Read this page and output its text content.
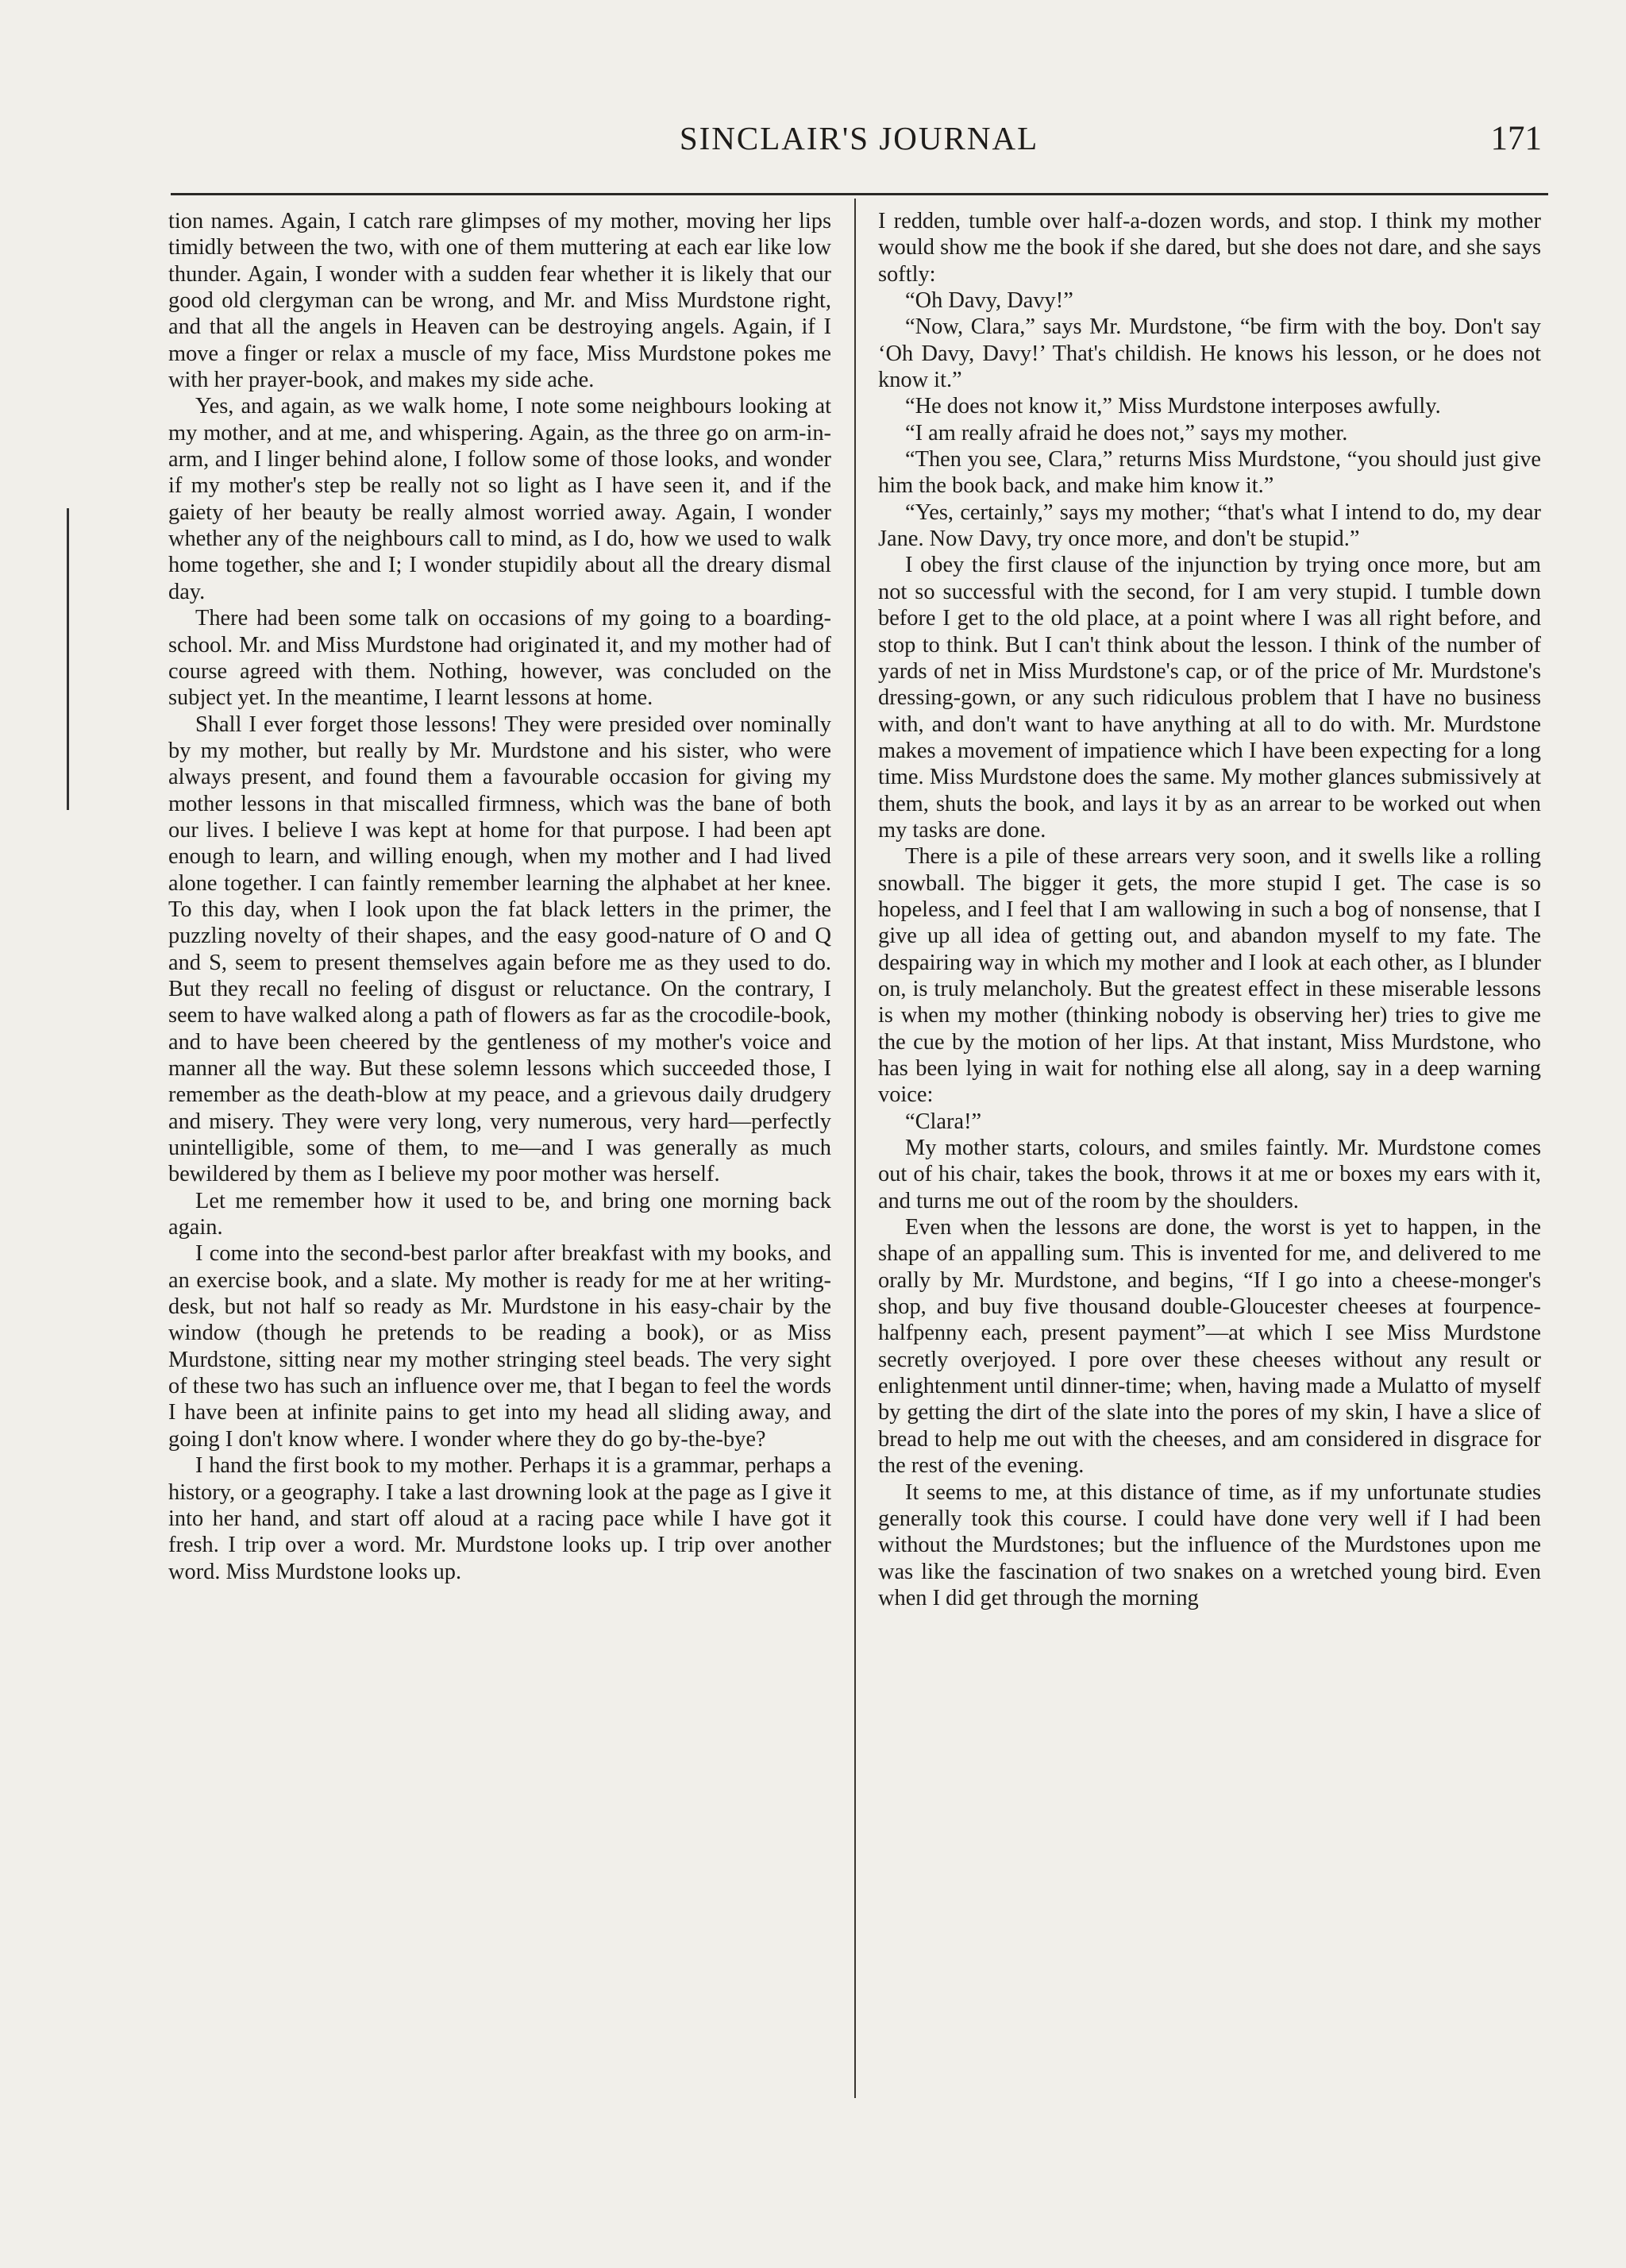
SINCLAIR'S JOURNAL	171

tion names. Again, I catch rare glimpses of my mother, moving her lips timidly between the two, with one of them muttering at each ear like low thunder. Again, I wonder with a sudden fear whether it is likely that our good old clergyman can be wrong, and Mr. and Miss Murdstone right, and that all the angels in Heaven can be destroying angels. Again, if I move a finger or relax a muscle of my face, Miss Murdstone pokes me with her prayer-book, and makes my side ache.

Yes, and again, as we walk home, I note some neighbours looking at my mother, and at me, and whispering. Again, as the three go on arm-in-arm, and I linger behind alone, I follow some of those looks, and wonder if my mother's step be really not so light as I have seen it, and if the gaiety of her beauty be really almost worried away. Again, I wonder whether any of the neighbours call to mind, as I do, how we used to walk home together, she and I; I wonder stupidily about all the dreary dismal day.

There had been some talk on occasions of my going to a boarding-school. Mr. and Miss Murdstone had originated it, and my mother had of course agreed with them. Nothing, however, was concluded on the subject yet. In the meantime, I learnt lessons at home.

Shall I ever forget those lessons! They were presided over nominally by my mother, but really by Mr. Murdstone and his sister, who were always present, and found them a favourable occasion for giving my mother lessons in that miscalled firmness, which was the bane of both our lives. I believe I was kept at home for that purpose. I had been apt enough to learn, and willing enough, when my mother and I had lived alone together. I can faintly remember learning the alphabet at her knee. To this day, when I look upon the fat black letters in the primer, the puzzling novelty of their shapes, and the easy good-nature of O and Q and S, seem to present themselves again before me as they used to do. But they recall no feeling of disgust or reluctance. On the contrary, I seem to have walked along a path of flowers as far as the crocodile-book, and to have been cheered by the gentleness of my mother's voice and manner all the way. But these solemn lessons which succeeded those, I remember as the death-blow at my peace, and a grievous daily drudgery and misery. They were very long, very numerous, very hard—perfectly unintelligible, some of them, to me—and I was generally as much bewildered by them as I believe my poor mother was herself.

Let me remember how it used to be, and bring one morning back again.

I come into the second-best parlor after breakfast with my books, and an exercise book, and a slate. My mother is ready for me at her writing-desk, but not half so ready as Mr. Murdstone in his easy-chair by the window (though he pretends to be reading a book), or as Miss Murdstone, sitting near my mother stringing steel beads. The very sight of these two has such an influence over me, that I began to feel the words I have been at infinite pains to get into my head all sliding away, and going I don't know where. I wonder where they do go by-the-bye?

I hand the first book to my mother. Perhaps it is a grammar, perhaps a history, or a geography. I take a last drowning look at the page as I give it into her hand, and start off aloud at a racing pace while I have got it fresh. I trip over a word. Mr. Murdstone looks up. I trip over another word. Miss Murdstone looks up.

I redden, tumble over half-a-dozen words, and stop. I think my mother would show me the book if she dared, but she does not dare, and she says softly:

“Oh Davy, Davy!”

“Now, Clara,” says Mr. Murdstone, “be firm with the boy. Don't say ‘Oh Davy, Davy!’ That's childish. He knows his lesson, or he does not know it.”

“He does not know it,” Miss Murdstone interposes awfully.

“I am really afraid he does not,” says my mother.

“Then you see, Clara,” returns Miss Murdstone, “you should just give him the book back, and make him know it.”

“Yes, certainly,” says my mother; “that's what I intend to do, my dear Jane. Now Davy, try once more, and don't be stupid.”

I obey the first clause of the injunction by trying once more, but am not so successful with the second, for I am very stupid. I tumble down before I get to the old place, at a point where I was all right before, and stop to think. But I can't think about the lesson. I think of the number of yards of net in Miss Murdstone's cap, or of the price of Mr. Murdstone's dressing-gown, or any such ridiculous problem that I have no business with, and don't want to have anything at all to do with. Mr. Murdstone makes a movement of impatience which I have been expecting for a long time. Miss Murdstone does the same. My mother glances submissively at them, shuts the book, and lays it by as an arrear to be worked out when my tasks are done.

There is a pile of these arrears very soon, and it swells like a rolling snowball. The bigger it gets, the more stupid I get. The case is so hopeless, and I feel that I am wallowing in such a bog of nonsense, that I give up all idea of getting out, and abandon myself to my fate. The despairing way in which my mother and I look at each other, as I blunder on, is truly melancholy. But the greatest effect in these miserable lessons is when my mother (thinking nobody is observing her) tries to give me the cue by the motion of her lips. At that instant, Miss Murdstone, who has been lying in wait for nothing else all along, say in a deep warning voice:

“Clara!”

My mother starts, colours, and smiles faintly. Mr. Murdstone comes out of his chair, takes the book, throws it at me or boxes my ears with it, and turns me out of the room by the shoulders.

Even when the lessons are done, the worst is yet to happen, in the shape of an appalling sum. This is invented for me, and delivered to me orally by Mr. Murdstone, and begins, “If I go into a cheese-monger's shop, and buy five thousand double-Gloucester cheeses at fourpence-halfpenny each, present payment”—at which I see Miss Murdstone secretly overjoyed. I pore over these cheeses without any result or enlightenment until dinner-time; when, having made a Mulatto of myself by getting the dirt of the slate into the pores of my skin, I have a slice of bread to help me out with the cheeses, and am considered in disgrace for the rest of the evening.

It seems to me, at this distance of time, as if my unfortunate studies generally took this course. I could have done very well if I had been without the Murdstones; but the influence of the Murdstones upon me was like the fascination of two snakes on a wretched young bird. Even when I did get through the morning
